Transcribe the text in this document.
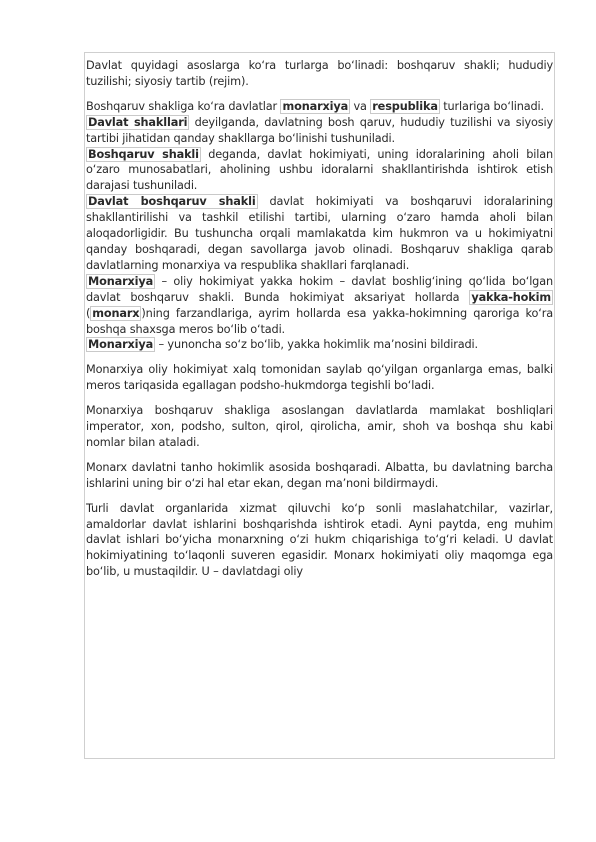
Davlat quyidagi asoslarga ko‘ra turlarga bo‘linadi: boshqaruv shakli; hududiy tuzilishi; siyosiy tartib (rejim).

Boshqaruv shakliga ko‘ra davlatlar monarxiya va respublika turlariga bo‘linadi.

Davlat shakllari deyilganda, davlatning bosh qaruv, hududiy tuzilishi va siyosiy tartibi jihatidan qanday shakllarga bo‘linishi tushuniladi.

Boshqaruv shakli deganda, davlat hokimiyati, uning idoralarining aholi bilan o‘zaro munosabatlari, aholining ushbu idoralarni shakllantirishda ishtirok etish darajasi tushuniladi.

Davlat boshqaruv shakli davlat hokimiyati va boshqaruvi idoralarining shakllantirilishi va tashkil etilishi tartibi, ularning o‘zaro hamda aholi bilan aloqadorligidir. Bu tushuncha orqali mamlakatda kim hukmron va u hokimiyatni qanday boshqaradi, degan savollarga javob olinadi. Boshqaruv shakliga qarab davlatlarning monarxiya va respublika shakllari farqlanadi.

Monarxiya – oliy hokimiyat yakka hokim – davlat boshlig‘ining qo‘lida bo‘lgan davlat boshqaruv shakli. Bunda hokimiyat aksariyat hollarda yakka-hokim ( monarx )ning farzandlariga, ayrim hollarda esa yakka-hokimning qaroriga ko‘ra boshqa shaxsga meros bo‘lib o‘tadi.

Monarxiya – yunoncha so‘z bo‘lib, yakka hokimlik ma’nosini bildiradi.

Monarxiya oliy hokimiyat xalq tomonidan saylab qo‘yilgan organlarga emas, balki meros tariqasida egallagan podsho-hukmdorga tegishli bo‘ladi.

Monarxiya boshqaruv shakliga asoslangan davlatlarda mamlakat boshliqlari imperator, xon, podsho, sulton, qirol, qirolicha, amir, shoh va boshqa shu kabi nomlar bilan ataladi.

Monarx davlatni tanho hokimlik asosida boshqaradi. Albatta, bu davlatning barcha ishlarini uning bir o‘zi hal etar ekan, degan ma’noni bildirmaydi.

Turli davlat organlarida xizmat qiluvchi ko‘p sonli maslahatchilar, vazirlar, amaldorlar davlat ishlarini boshqarishda ishtirok etadi. Ayni paytda, eng muhim davlat ishlari bo‘yicha monarxning o‘zi hukm chiqarishiga to‘g‘ri keladi. U davlat hokimiyatining to‘laqonli suveren egasidir. Monarx hokimiyati oliy maqomga ega bo‘lib, u mustaqildir. U – davlatdagi oliy
